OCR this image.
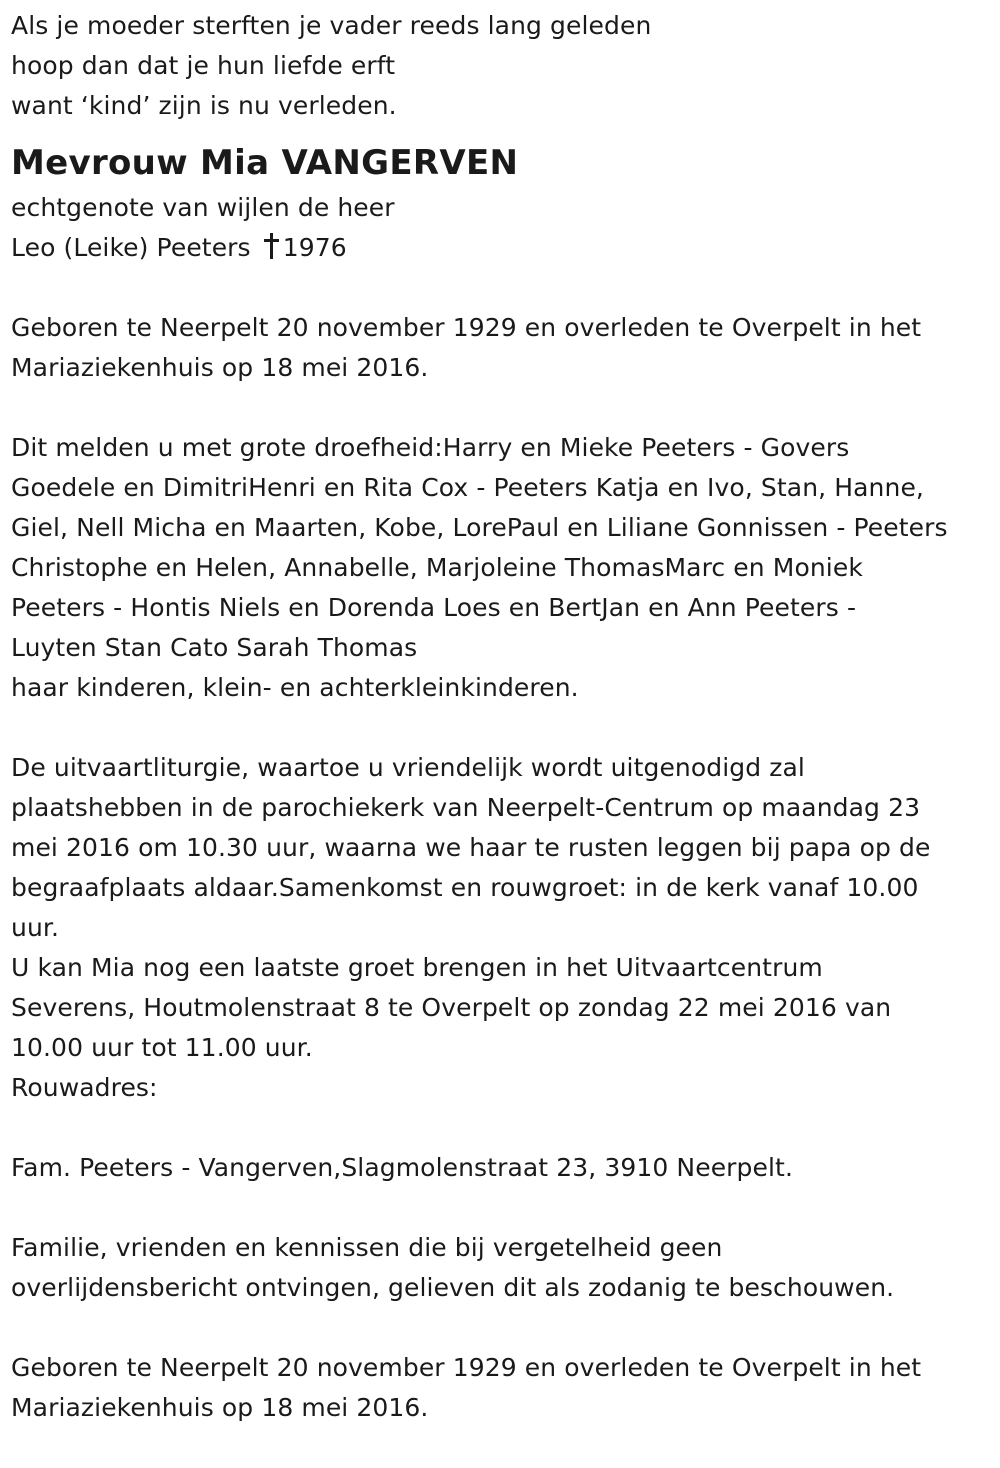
Als je moeder sterften je vader reeds lang geleden
hoop dan dat je hun liefde erft
want ‘kind’ zijn is nu verleden.
Mevrouw Mia VANGERVEN
echtgenote van wijlen de heer
Leo (Leike) Peeters 1976
Geboren te Neerpelt 20 november 1929 en overleden te Overpelt in het
Mariaziekenhuis op 18 mei 2016.
Dit melden u met grote droefheid:Harry en Mieke Peeters - Govers
Goedele en DimitriHenri en Rita Cox - Peeters Katja en Ivo, Stan, Hanne,
Giel, Nell Micha en Maarten, Kobe, LorePaul en Liliane Gonnissen - Peeters
Christophe en Helen, Annabelle, Marjoleine ThomasMarc en Moniek
Peeters - Hontis Niels en Dorenda Loes en BertJan en Ann Peeters -
Luyten Stan Cato Sarah Thomas
haar kinderen, klein- en achterkleinkinderen.
De uitvaartliturgie, waartoe u vriendelijk wordt uitgenodigd zal
plaatshebben in de parochiekerk van Neerpelt-Centrum op maandag 23
mei 2016 om 10.30 uur, waarna we haar te rusten leggen bij papa op de
begraafplaats aldaar.Samenkomst en rouwgroet: in de kerk vanaf 10.00
uur.
U kan Mia nog een laatste groet brengen in het Uitvaartcentrum
Severens, Houtmolenstraat 8 te Overpelt op zondag 22 mei 2016 van
10.00 uur tot 11.00 uur.
Rouwadres:
Fam. Peeters - Vangerven,Slagmolenstraat 23, 3910 Neerpelt.
Familie, vrienden en kennissen die bij vergetelheid geen
overlijdensbericht ontvingen, gelieven dit als zodanig te beschouwen.
Geboren te Neerpelt 20 november 1929 en overleden te Overpelt in het
Mariaziekenhuis op 18 mei 2016.
